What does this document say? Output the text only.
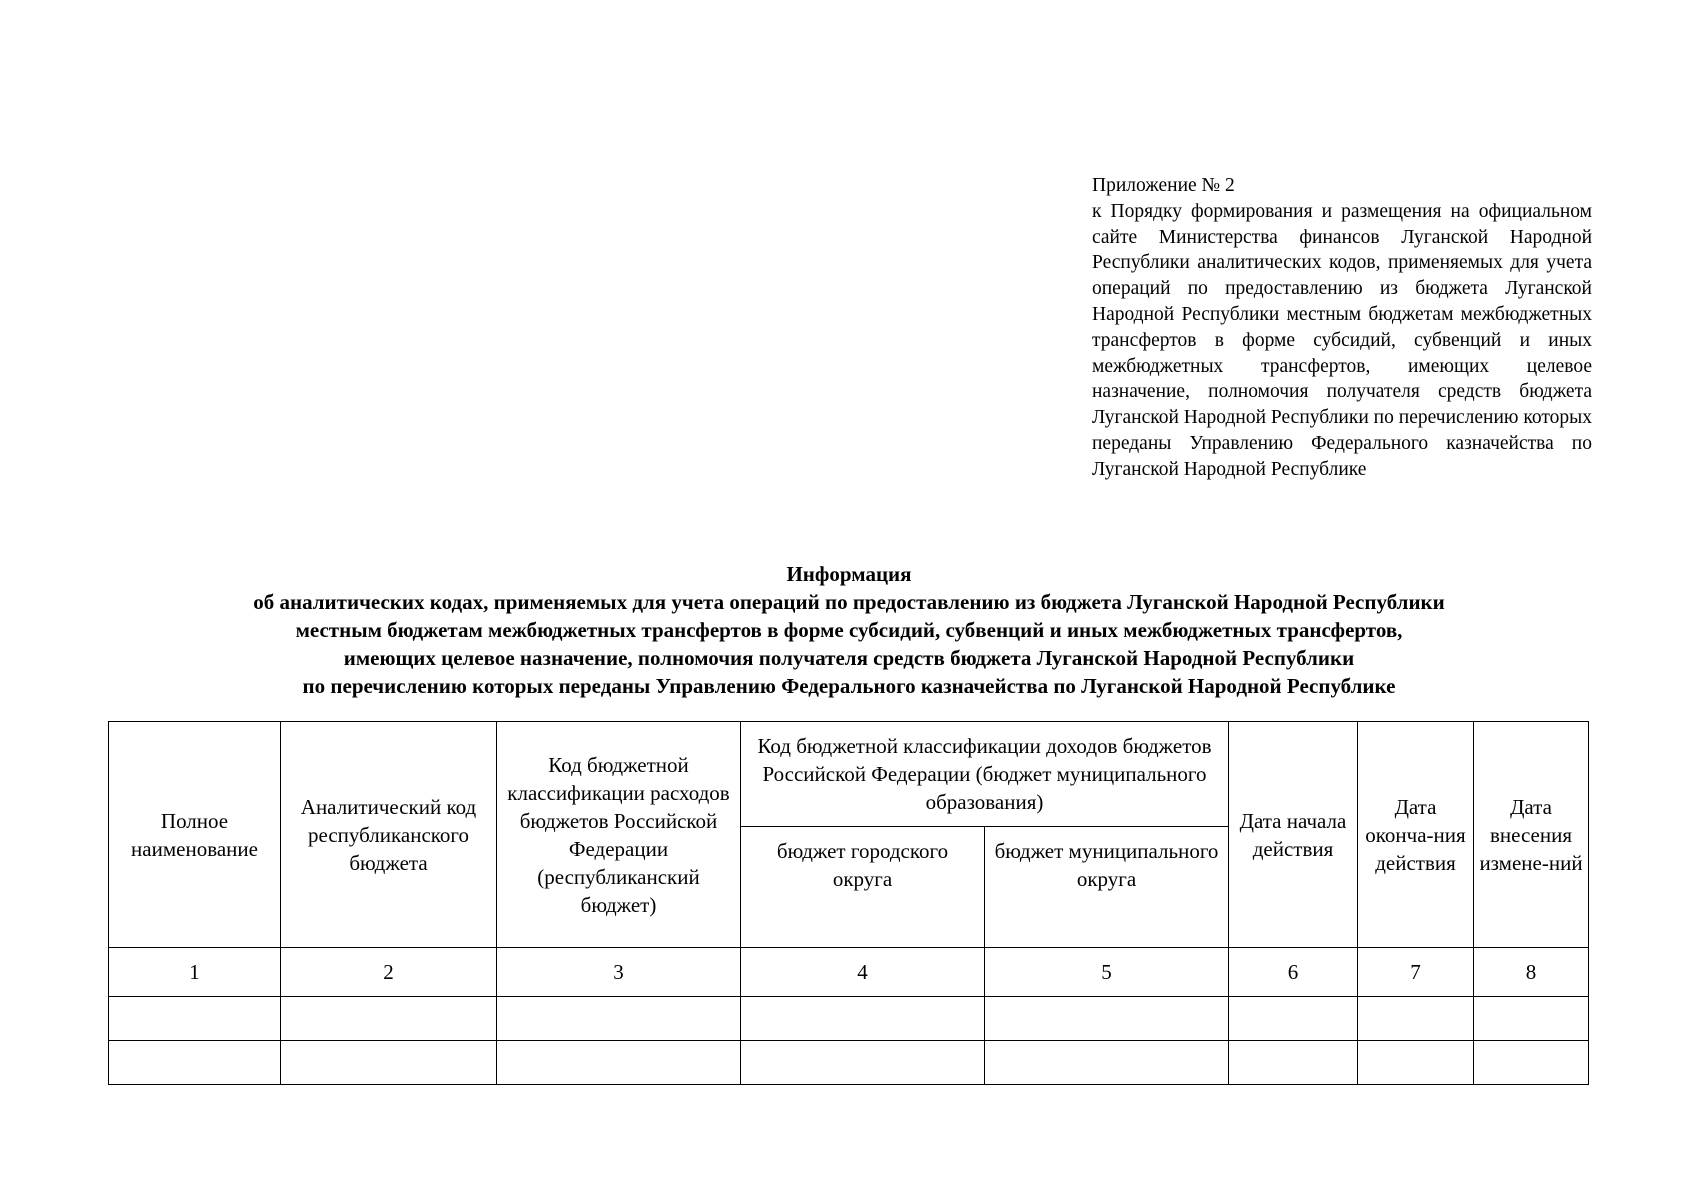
Приложение № 2
к Порядку формирования и размещения на официальном сайте Министерства финансов Луганской Народной Республики аналитических кодов, применяемых для учета операций по предоставлению из бюджета Луганской Народной Республики местным бюджетам межбюджетных трансфертов в форме субсидий, субвенций и иных межбюджетных трансфертов, имеющих целевое назначение, полномочия получателя средств бюджета Луганской Народной Республики по перечислению которых переданы Управлению Федерального казначейства по Луганской Народной Республике
Информация
об аналитических кодах, применяемых для учета операций по предоставлению из бюджета Луганской Народной Республики
местным бюджетам межбюджетных трансфертов в форме субсидий, субвенций и иных межбюджетных трансфертов,
имеющих целевое назначение, полномочия получателя средств бюджета Луганской Народной Республики
по перечислению которых переданы Управлению Федерального казначейства по Луганской Народной Республике
Полное наименование	Аналитический код республиканского бюджета	Код бюджетной классификации расходов бюджетов Российской Федерации (республиканский бюджет)	Код бюджетной классификации доходов бюджетов Российской Федерации (бюджет муниципального образования)		Дата начала действия	Дата оконча-ния действия	Дата внесения измене-ний
			бюджет городского округа	бюджет муниципального округа			
1	2	3	4	5	6	7	8
